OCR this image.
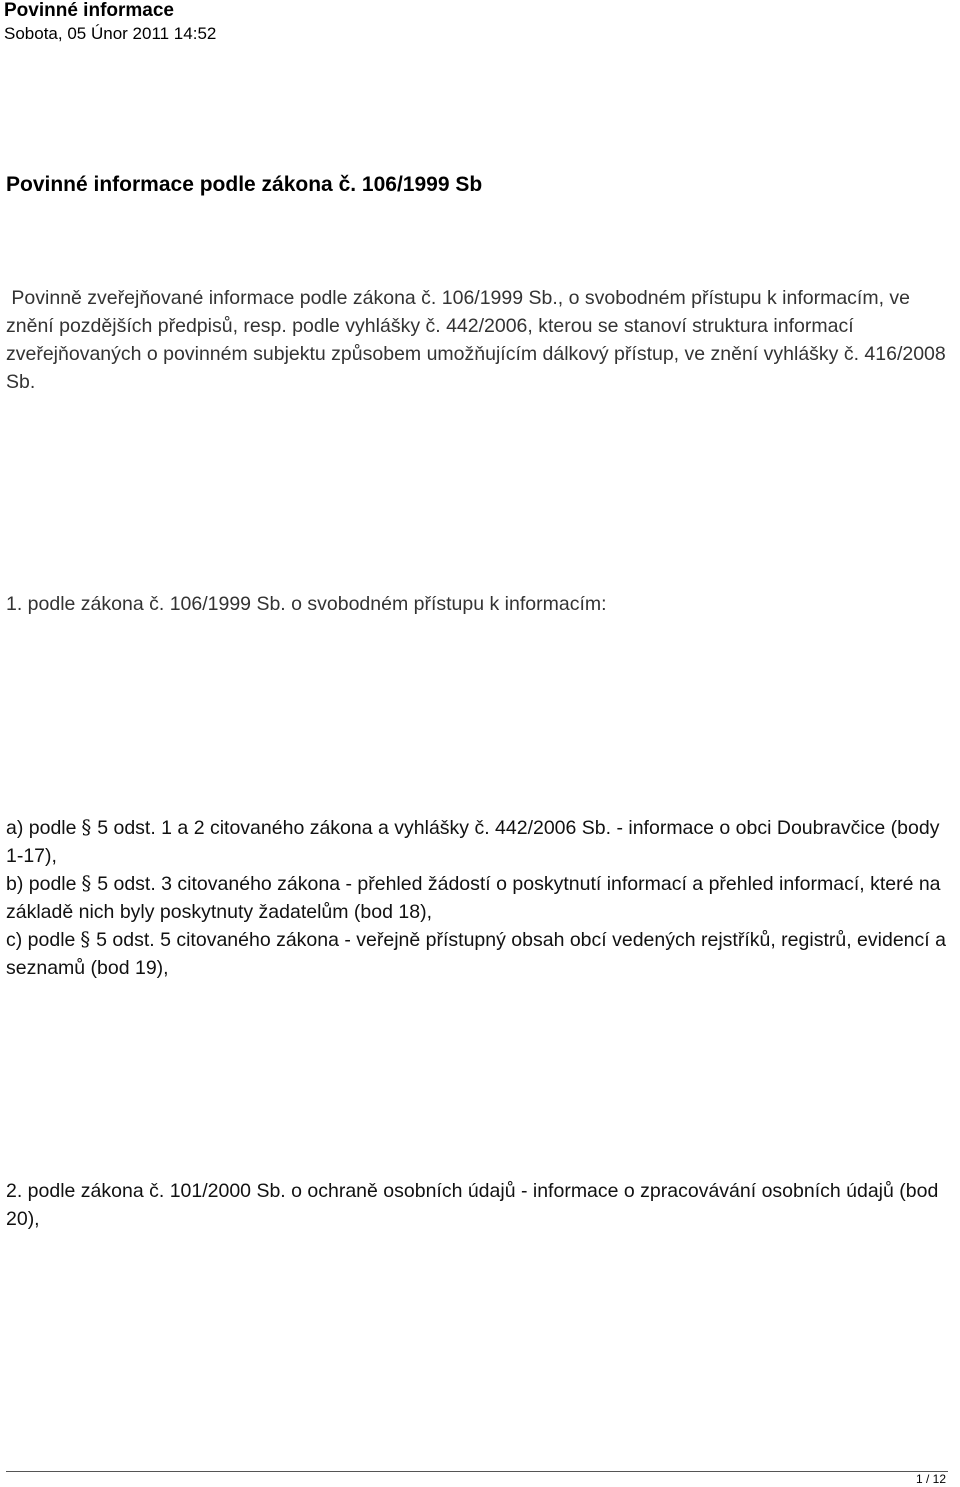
Povinné informace
Sobota, 05 Únor 2011 14:52
Povinné informace podle zákona č. 106/1999 Sb

Povinně zveřejňované informace podle zákona č. 106/1999 Sb., o svobodném přístupu k informacím, ve znění pozdějších předpisů, resp. podle vyhlášky č. 442/2006, kterou se stanoví struktura informací zveřejňovaných o povinném subjektu způsobem umožňujícím dálkový přístup, ve znění vyhlášky č. 416/2008 Sb.

1. podle zákona č. 106/1999 Sb. o svobodném přístupu k informacím:

a) podle § 5 odst. 1 a 2 citovaného zákona a vyhlášky č. 442/2006 Sb. - informace o obci Doubravčice (body 1-17),

b) podle § 5 odst. 3 citovaného zákona - přehled žádostí o poskytnutí informací a přehled informací, které na základě nich byly poskytnuty žadatelům (bod 18),

c) podle § 5 odst. 5 citovaného zákona - veřejně přístupný obsah obcí vedených rejstříků, registrů, evidencí a seznamů (bod 19),

2. podle zákona č. 101/2000 Sb. o ochraně osobních údajů - informace o zpracovávání osobních údajů (bod 20),

1 / 12
